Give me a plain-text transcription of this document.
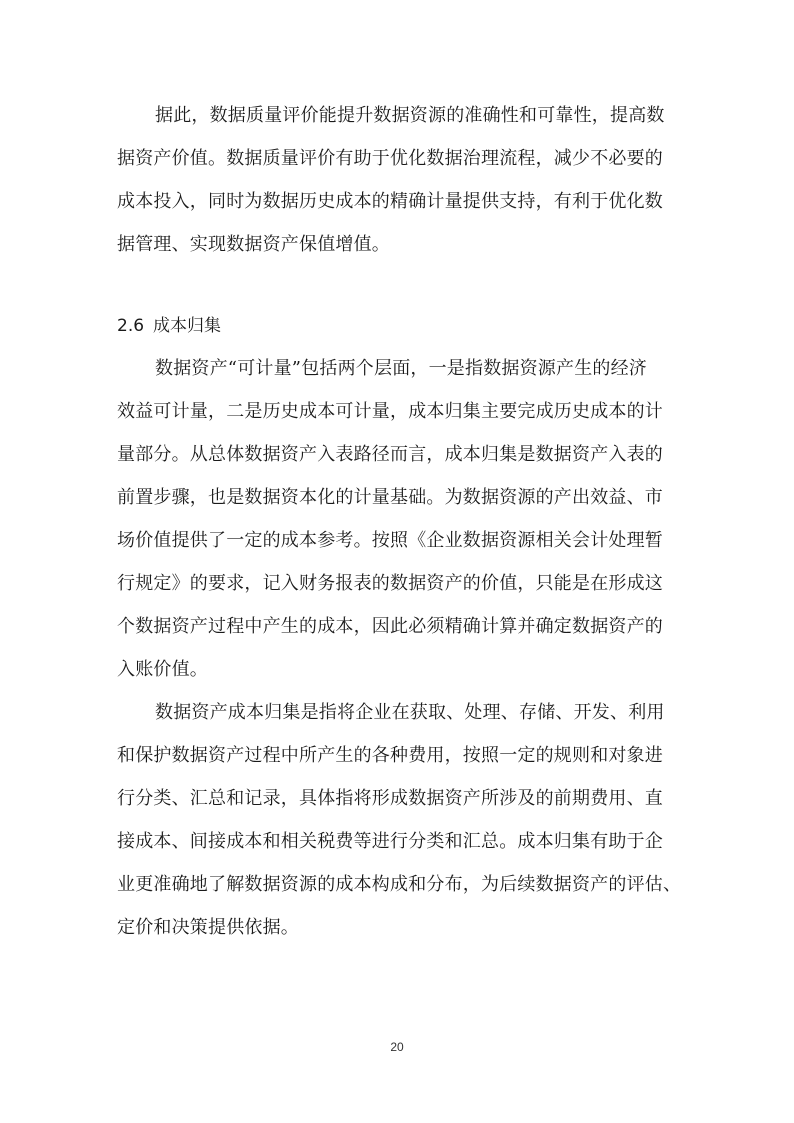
据此，数据质量评价能提升数据资源的准确性和可靠性，提高数
据资产价值。数据质量评价有助于优化数据治理流程，减少不必要的
成本投入，同时为数据历史成本的精确计量提供支持，有利于优化数
据管理、实现数据资产保值增值。
2.6 成本归集
数据资产“可计量”包括两个层面，一是指数据资源产生的经济
效益可计量，二是历史成本可计量，成本归集主要完成历史成本的计
量部分。从总体数据资产入表路径而言，成本归集是数据资产入表的
前置步骤，也是数据资本化的计量基础。为数据资源的产出效益、市
场价值提供了一定的成本参考。按照《企业数据资源相关会计处理暂
行规定》的要求，记入财务报表的数据资产的价值，只能是在形成这
个数据资产过程中产生的成本，因此必须精确计算并确定数据资产的
入账价值。
数据资产成本归集是指将企业在获取、处理、存储、开发、利用
和保护数据资产过程中所产生的各种费用，按照一定的规则和对象进
行分类、汇总和记录，具体指将形成数据资产所涉及的前期费用、直
接成本、间接成本和相关税费等进行分类和汇总。成本归集有助于企
业更准确地了解数据资源的成本构成和分布，为后续数据资产的评估、
定价和决策提供依据。
20
